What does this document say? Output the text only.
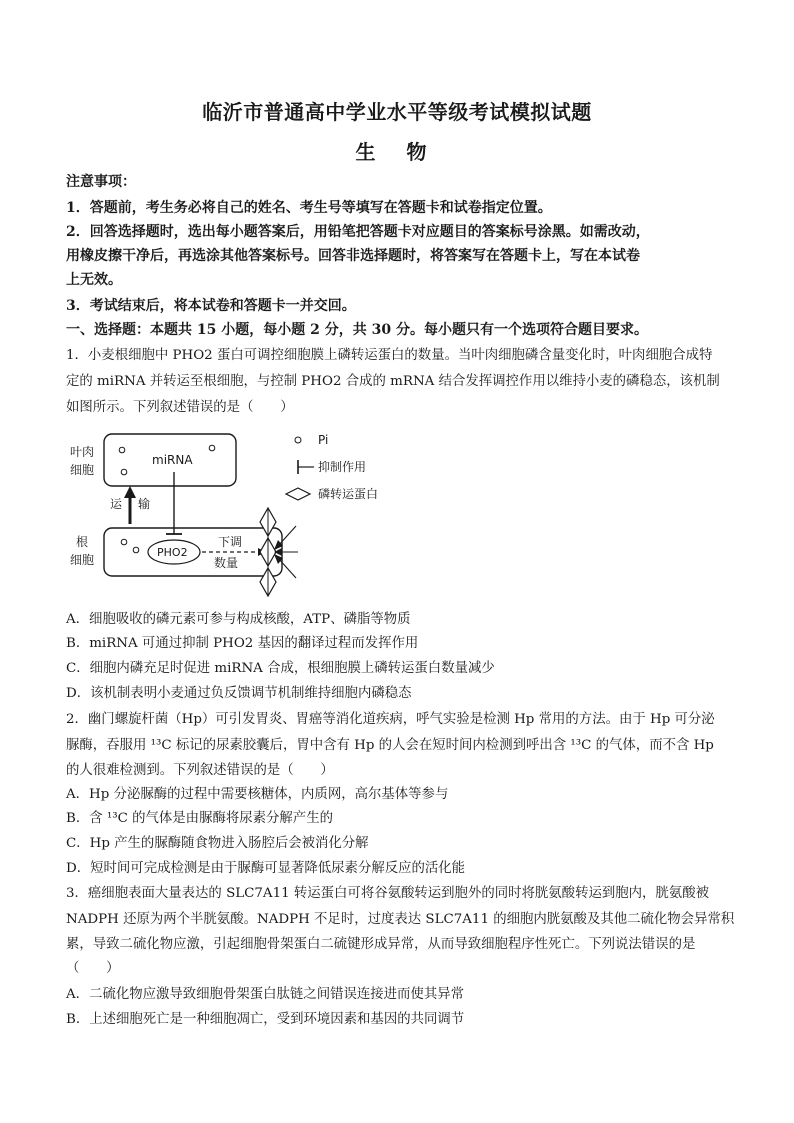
临沂市普通高中学业水平等级考试模拟试题
生 物
注意事项：
1．答题前，考生务必将自己的姓名、考生号等填写在答题卡和试卷指定位置。
2．回答选择题时，选出每小题答案后，用铅笔把答题卡对应题目的答案标号涂黑。如需改动，
用橡皮擦干净后，再选涂其他答案标号。回答非选择题时，将答案写在答题卡上，写在本试卷
上无效。
3．考试结束后，将本试卷和答题卡一并交回。
一、选择题：本题共 15 小题，每小题 2 分，共 30 分。每小题只有一个选项符合题目要求。
1．小麦根细胞中 PHO2 蛋白可调控细胞膜上磷转运蛋白的数量。当叶肉细胞磷含量变化时，叶肉细胞合成特
定的 miRNA 并转运至根细胞，与控制 PHO2 合成的 mRNA 结合发挥调控作用以维持小麦的磷稳态，该机制
如图所示。下列叙述错误的是（　　）
叶肉
细胞
根
细胞
miRNA
运 输
PHO2
下调
数量
Pi
抑制作用
磷转运蛋白
A．细胞吸收的磷元素可参与构成核酸，ATP、磷脂等物质
B．miRNA 可通过抑制 PHO2 基因的翻译过程而发挥作用
C．细胞内磷充足时促进 miRNA 合成，根细胞膜上磷转运蛋白数量减少
D．该机制表明小麦通过负反馈调节机制维持细胞内磷稳态
2．幽门螺旋杆菌（Hp）可引发胃炎、胃癌等消化道疾病，呼气实验是检测 Hp 常用的方法。由于 Hp 可分泌
脲酶，吞服用 ¹³C 标记的尿素胶囊后，胃中含有 Hp 的人会在短时间内检测到呼出含 ¹³C 的气体，而不含 Hp
的人很难检测到。下列叙述错误的是（　　）
A．Hp 分泌脲酶的过程中需要核糖体，内质网，高尔基体等参与
B．含 ¹³C 的气体是由脲酶将尿素分解产生的
C．Hp 产生的脲酶随食物进入肠腔后会被消化分解
D．短时间可完成检测是由于脲酶可显著降低尿素分解反应的活化能
3．癌细胞表面大量表达的 SLC7A11 转运蛋白可将谷氨酸转运到胞外的同时将胱氨酸转运到胞内，胱氨酸被
NADPH 还原为两个半胱氨酸。NADPH 不足时，过度表达 SLC7A11 的细胞内胱氨酸及其他二硫化物会异常积
累，导致二硫化物应激，引起细胞骨架蛋白二硫键形成异常，从而导致细胞程序性死亡。下列说法错误的是
（　　）
A．二硫化物应激导致细胞骨架蛋白肽链之间错误连接进而使其异常
B．上述细胞死亡是一种细胞凋亡，受到环境因素和基因的共同调节
